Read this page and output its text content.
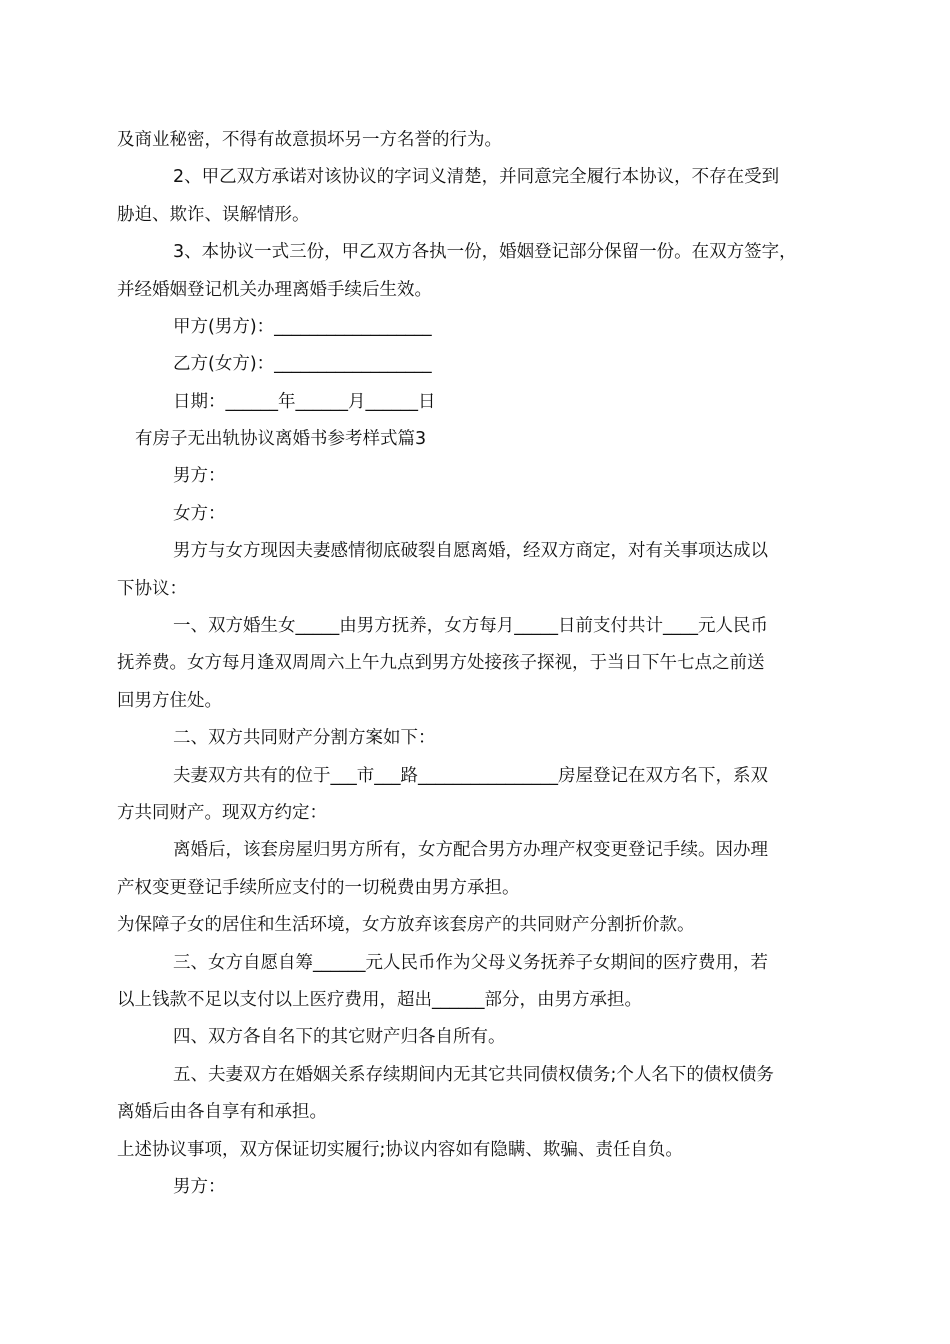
及商业秘密，不得有故意损坏另一方名誉的行为。
2、甲乙双方承诺对该协议的字词义清楚，并同意完全履行本协议，不存在受到
胁迫、欺诈、误解情形。
3、本协议一式三份，甲乙双方各执一份，婚姻登记部分保留一份。在双方签字，
并经婚姻登记机关办理离婚手续后生效。
甲方(男方)：__________________
乙方(女方)：__________________
日期：______年______月______日
有房子无出轨协议离婚书参考样式篇3
男方：
女方：
男方与女方现因夫妻感情彻底破裂自愿离婚，经双方商定，对有关事项达成以
下协议：
一、双方婚生女_____由男方抚养，女方每月_____日前支付共计____元人民币
抚养费。女方每月逢双周周六上午九点到男方处接孩子探视，于当日下午七点之前送
回男方住处。
二、双方共同财产分割方案如下：
夫妻双方共有的位于___市___路________________房屋登记在双方名下，系双
方共同财产。现双方约定：
离婚后，该套房屋归男方所有，女方配合男方办理产权变更登记手续。因办理
产权变更登记手续所应支付的一切税费由男方承担。
为保障子女的居住和生活环境，女方放弃该套房产的共同财产分割折价款。
三、女方自愿自筹______元人民币作为父母义务抚养子女期间的医疗费用，若
以上钱款不足以支付以上医疗费用，超出______部分，由男方承担。
四、双方各自名下的其它财产归各自所有。
五、夫妻双方在婚姻关系存续期间内无其它共同债权债务;个人名下的债权债务
离婚后由各自享有和承担。
上述协议事项，双方保证切实履行;协议内容如有隐瞒、欺骗、责任自负。
男方：
